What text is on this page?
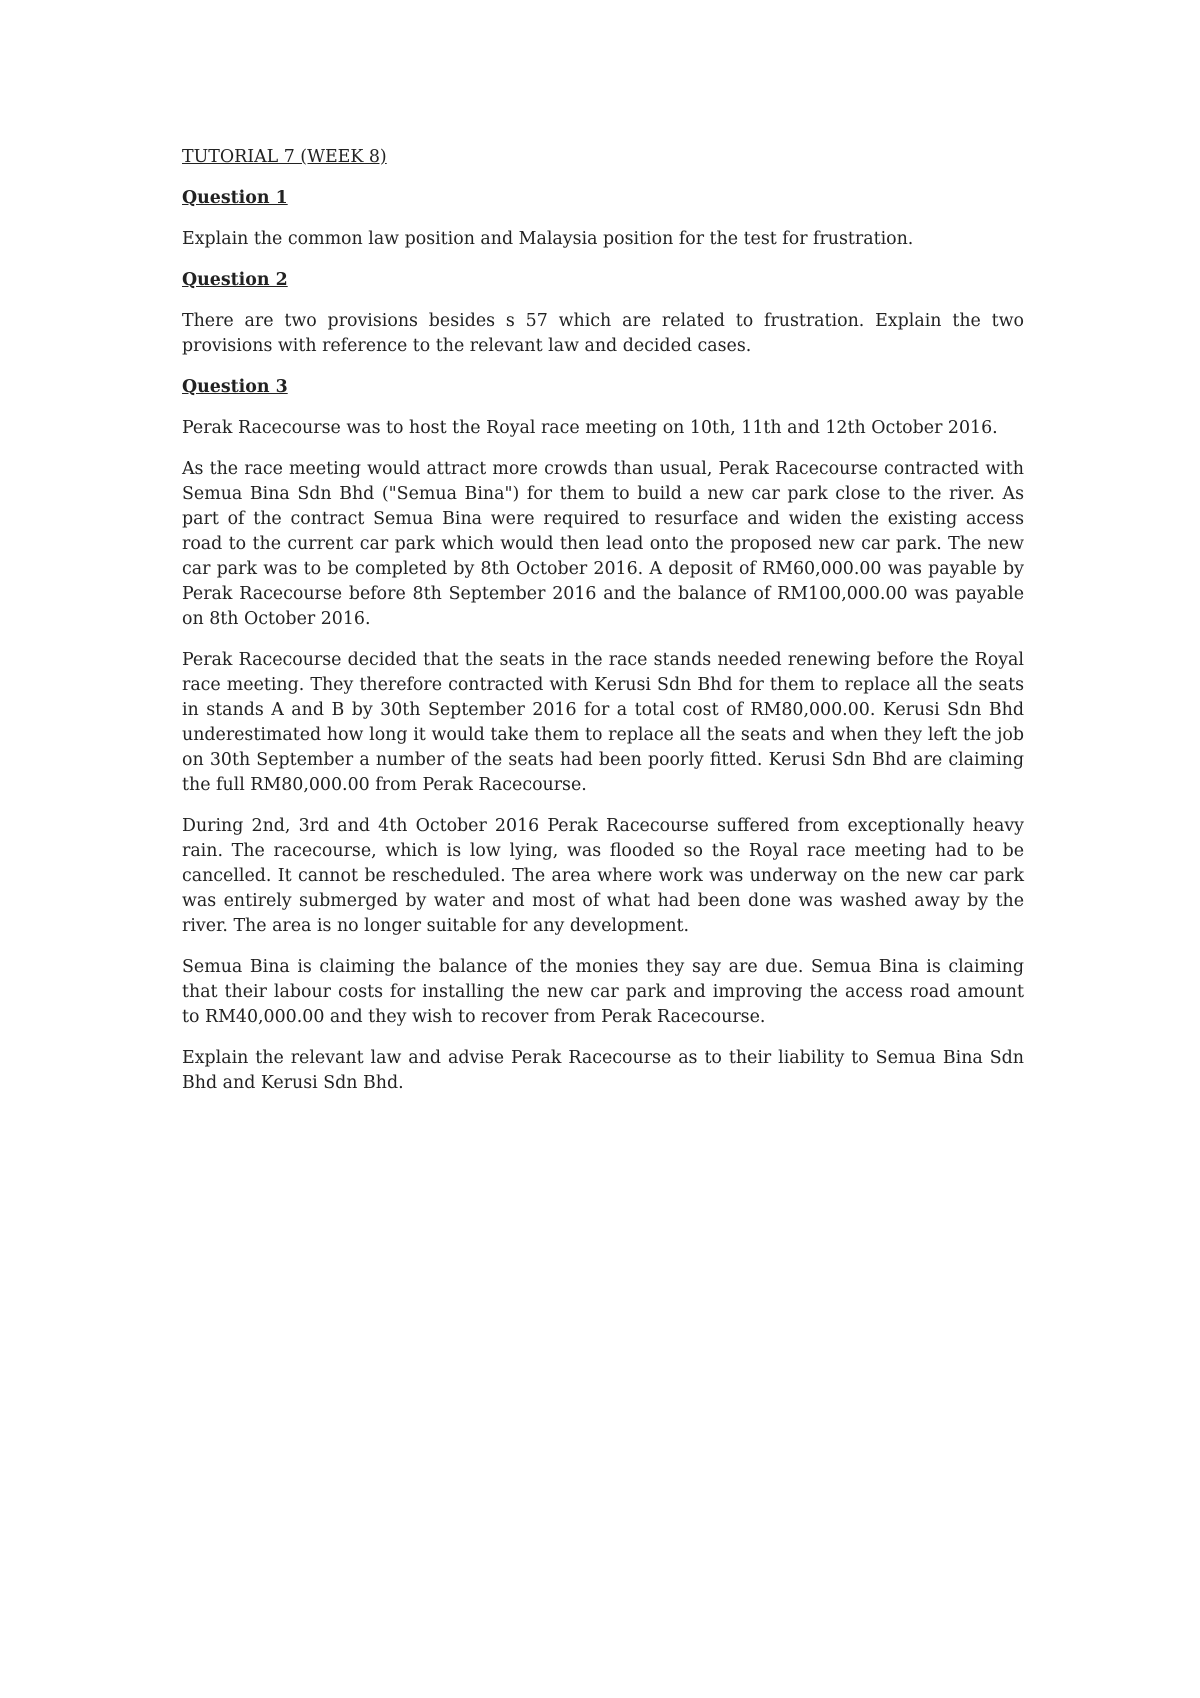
TUTORIAL 7 (WEEK 8)
Question 1

Explain the common law position and Malaysia position for the test for frustration.

Question 2

There are two provisions besides s 57 which are related to frustration. Explain the two provisions with reference to the relevant law and decided cases.

Question 3

Perak Racecourse was to host the Royal race meeting on 10th, 11th and 12th October 2016.

As the race meeting would attract more crowds than usual, Perak Racecourse contracted with Semua Bina Sdn Bhd ("Semua Bina") for them to build a new car park close to the river. As part of the contract Semua Bina were required to resurface and widen the existing access road to the current car park which would then lead onto the proposed new car park. The new car park was to be completed by 8th October 2016. A deposit of RM60,000.00 was payable by Perak Racecourse before 8th September 2016 and the balance of RM100,000.00 was payable on 8th October 2016.

Perak Racecourse decided that the seats in the race stands needed renewing before the Royal race meeting. They therefore contracted with Kerusi Sdn Bhd for them to replace all the seats in stands A and B by 30th September 2016 for a total cost of RM80,000.00. Kerusi Sdn Bhd underestimated how long it would take them to replace all the seats and when they left the job on 30th September a number of the seats had been poorly fitted. Kerusi Sdn Bhd are claiming the full RM80,000.00 from Perak Racecourse.

During 2nd, 3rd and 4th October 2016 Perak Racecourse suffered from exceptionally heavy rain. The racecourse, which is low lying, was flooded so the Royal race meeting had to be cancelled. It cannot be rescheduled. The area where work was underway on the new car park was entirely submerged by water and most of what had been done was washed away by the river. The area is no longer suitable for any development.

Semua Bina is claiming the balance of the monies they say are due. Semua Bina is claiming that their labour costs for installing the new car park and improving the access road amount to RM40,000.00 and they wish to recover from Perak Racecourse.

Explain the relevant law and advise Perak Racecourse as to their liability to Semua Bina Sdn Bhd and Kerusi Sdn Bhd.
